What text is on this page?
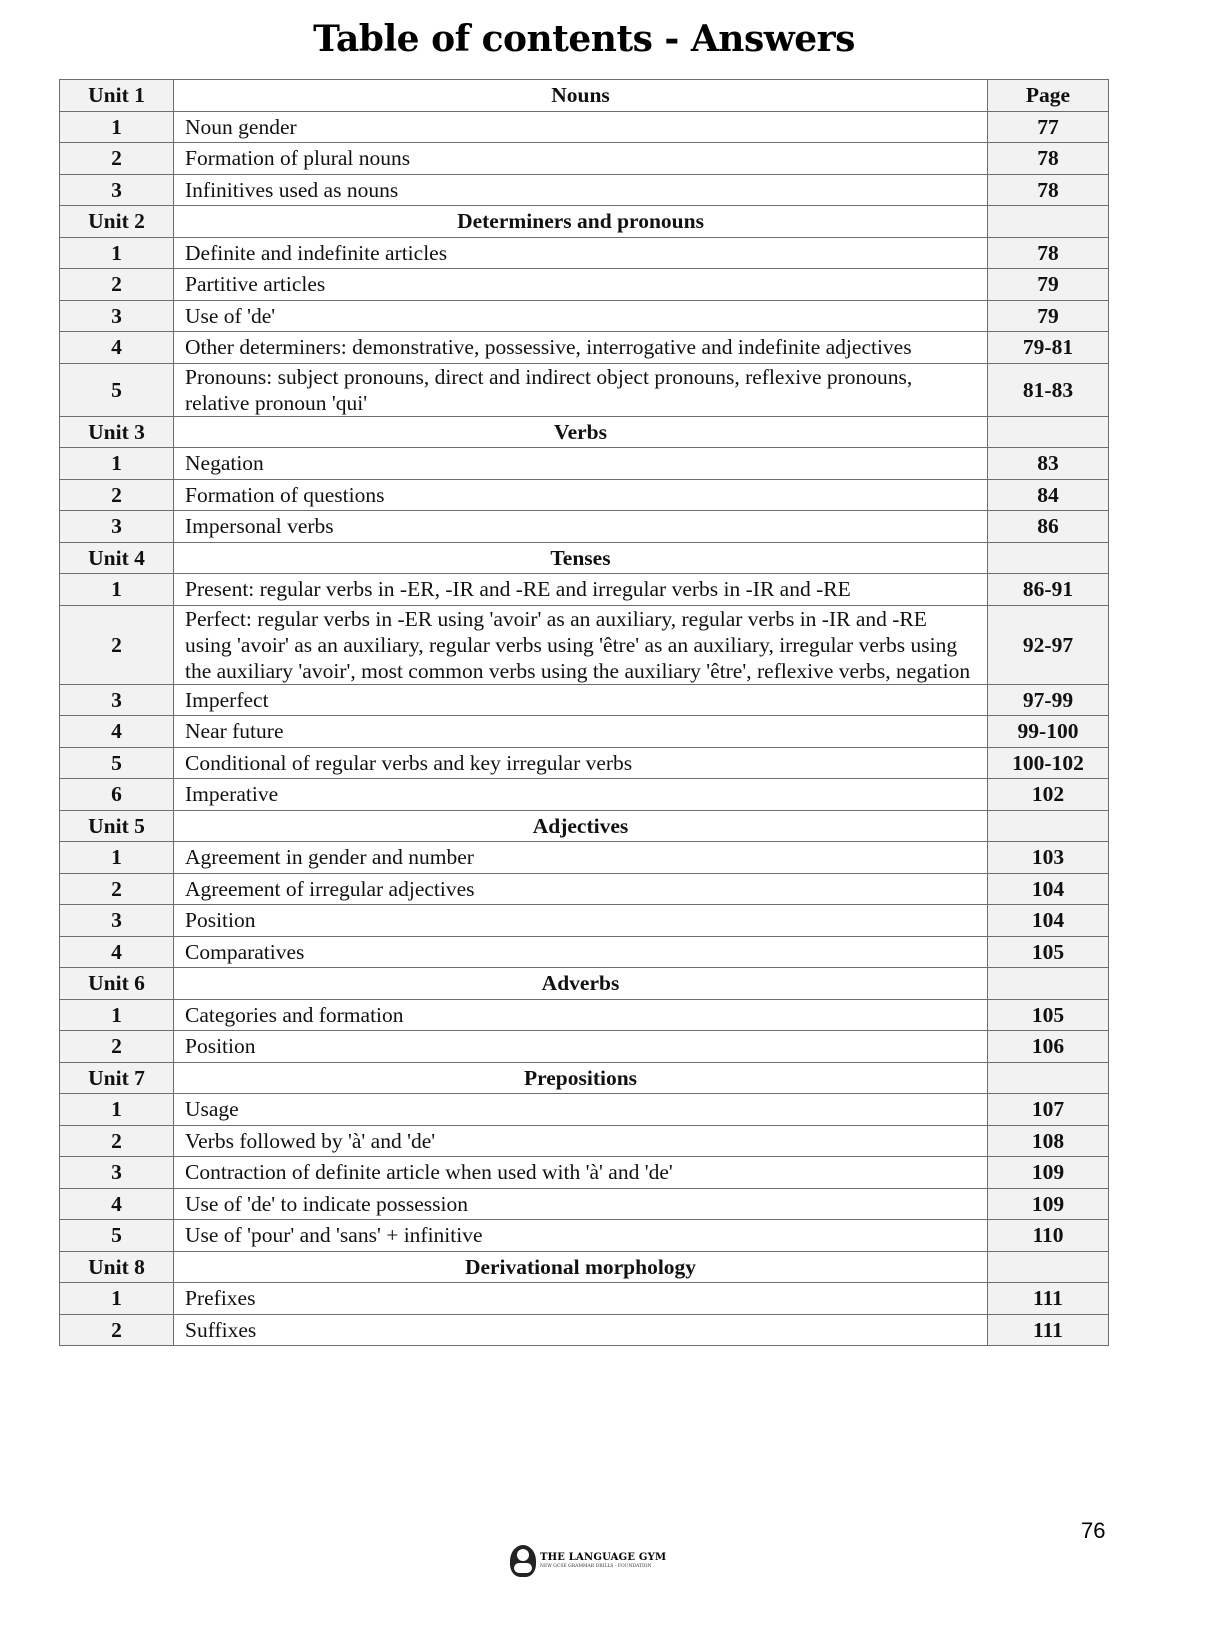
Table of contents - Answers
Unit 1	Nouns	Page
1	Noun gender	77
2	Formation of plural nouns	78
3	Infinitives used as nouns	78
Unit 2	Determiners and pronouns	
1	Definite and indefinite articles	78
2	Partitive articles	79
3	Use of 'de'	79
4	Other determiners: demonstrative, possessive, interrogative and indefinite adjectives	79-81
5	Pronouns: subject pronouns, direct and indirect object pronouns, reflexive pronouns, relative pronoun 'qui'	81-83
Unit 3	Verbs	
1	Negation	83
2	Formation of questions	84
3	Impersonal verbs	86
Unit 4	Tenses	
1	Present: regular verbs in -ER, -IR and -RE and irregular verbs in -IR and -RE	86-91
2	Perfect: regular verbs in -ER using 'avoir' as an auxiliary, regular verbs in -IR and -RE using 'avoir' as an auxiliary, regular verbs using 'être' as an auxiliary, irregular verbs using the auxiliary 'avoir', most common verbs using the auxiliary 'être', reflexive verbs, negation	92-97
3	Imperfect	97-99
4	Near future	99-100
5	Conditional of regular verbs and key irregular verbs	100-102
6	Imperative	102
Unit 5	Adjectives	
1	Agreement in gender and number	103
2	Agreement of irregular adjectives	104
3	Position	104
4	Comparatives	105
Unit 6	Adverbs	
1	Categories and formation	105
2	Position	106
Unit 7	Prepositions	
1	Usage	107
2	Verbs followed by 'à' and 'de'	108
3	Contraction of definite article when used with 'à' and 'de'	109
4	Use of 'de' to indicate possession	109
5	Use of 'pour' and 'sans' + infinitive	110
Unit 8	Derivational morphology	
1	Prefixes	111
2	Suffixes	111
THE LANGUAGE GYM
NEW GCSE GRAMMAR DRILLS - FOUNDATION
76
